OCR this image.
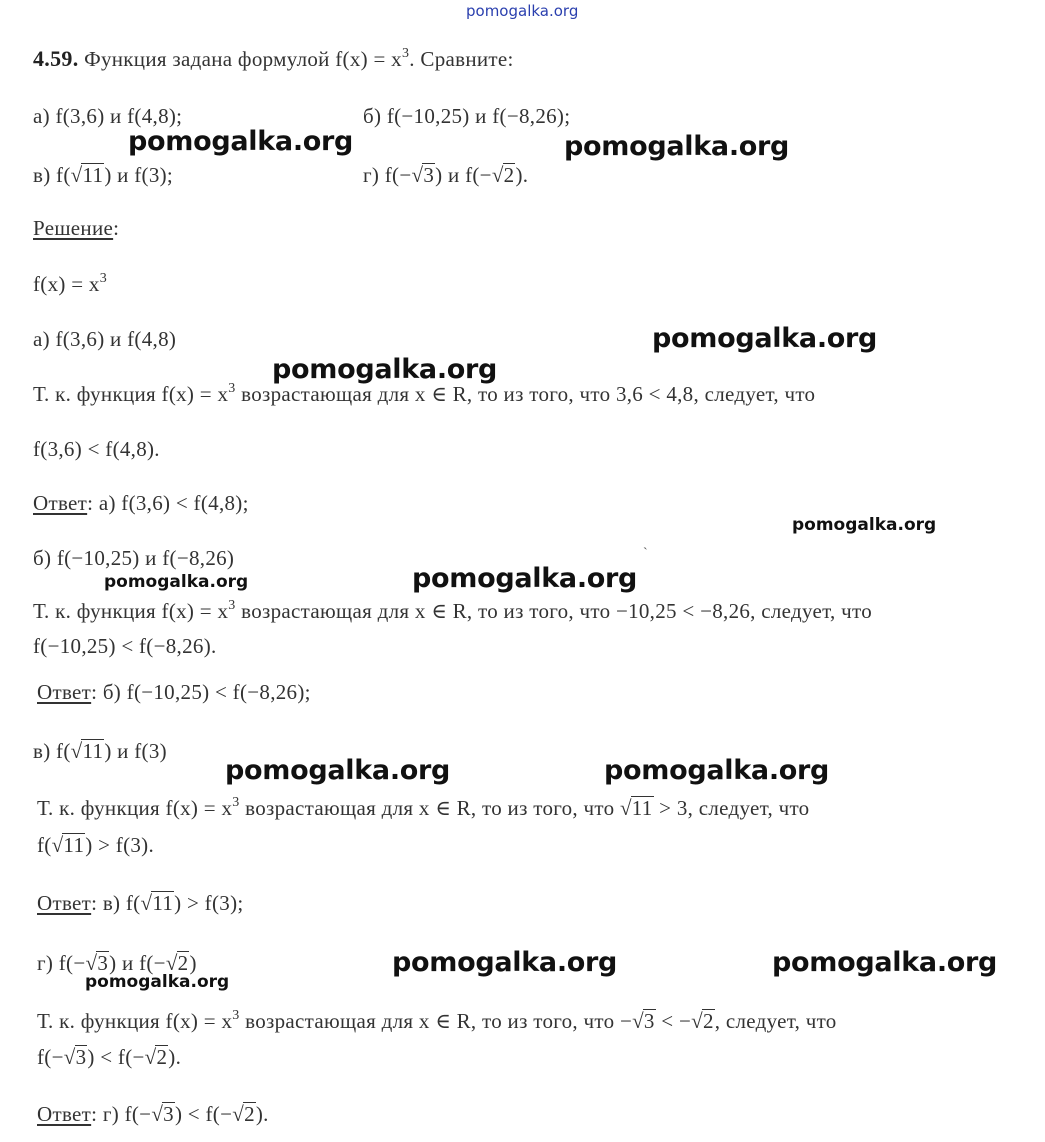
pomogalka.org
4.59. Функция задана формулой $f(x) = x^3$. Сравните:
а) f(3,6) и f(4,8);	б) f(−10,25) и f(−8,26);
в) f(√11) и f(3);	г) f(−√3) и f(−√2).
Решение:
$f(x) = x^3$
а) f(3,6) и f(4,8)
Т. к. функция $f(x) = x^3$ возрастающая для x ∈ R, то из того, что 3,6 < 4,8, следует, что
f(3,6) < f(4,8).
Ответ: а) f(3,6) < f(4,8);
б) f(−10,25) и f(−8,26)	ˋ
Т. к. функция $f(x) = x^3$ возрастающая для x ∈ R, то из того, что −10,25 < −8,26, следует, что
f(−10,25) < f(−8,26).
Ответ: б) f(−10,25) < f(−8,26);
в) f(√11) и f(3)
Т. к. функция $f(x) = x^3$ возрастающая для x ∈ R, то из того, что √11 > 3, следует, что
f(√11) > f(3).
Ответ: в) f(√11) > f(3);
г) f(−√3) и f(−√2)
Т. к. функция $f(x) = x^3$ возрастающая для x ∈ R, то из того, что −√3 < −√2, следует, что
f(−√3) < f(−√2).
Ответ: г) f(−√3) < f(−√2).
pomogalka.org	pomogalka.org
pomogalka.org
pomogalka.org
pomogalka.org
pomogalka.org
pomogalka.org
pomogalka.org	pomogalka.org
pomogalka.org	pomogalka.org
pomogalka.org
